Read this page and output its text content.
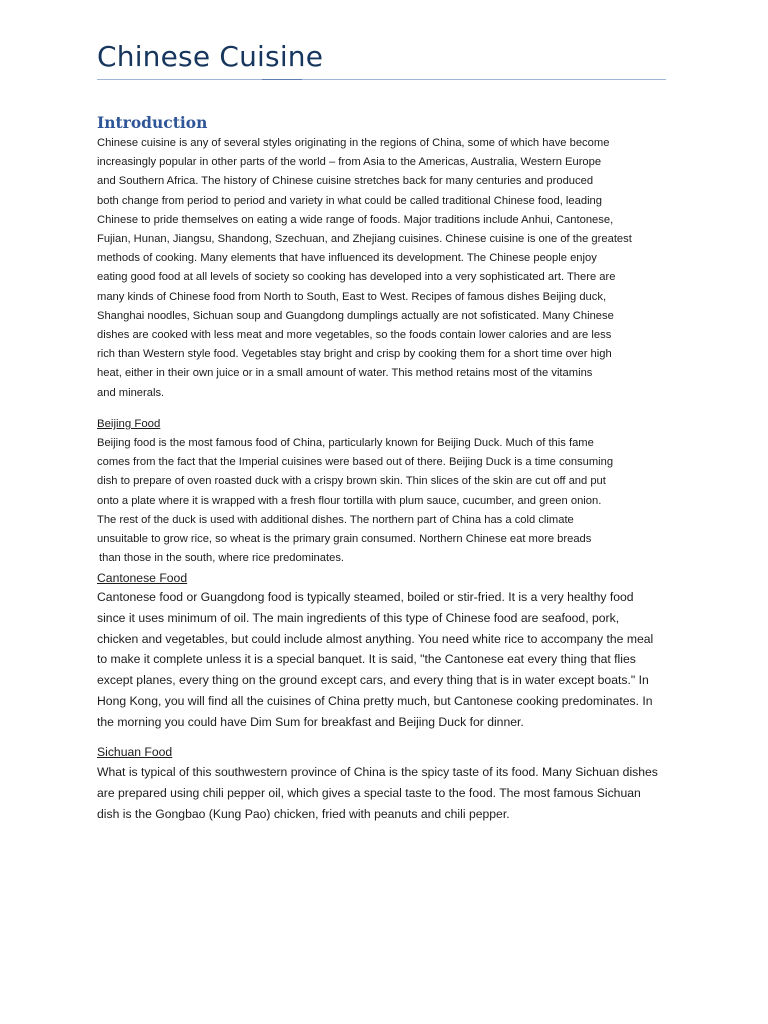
Chinese Cuisine
Introduction

Chinese cuisine is any of several styles originating in the regions of China, some of which have become
increasingly popular in other parts of the world – from Asia to the Americas, Australia, Western Europe
and Southern Africa. The history of Chinese cuisine stretches back for many centuries and produced
both change from period to period and variety in what could be called traditional Chinese food, leading
Chinese to pride themselves on eating a wide range of foods. Major traditions include Anhui, Cantonese,
Fujian, Hunan, Jiangsu, Shandong, Szechuan, and Zhejiang cuisines. Chinese cuisine is one of the greatest
methods of cooking. Many elements that have influenced its development. The Chinese people enjoy
eating good food at all levels of society so cooking has developed into a very sophisticated art. There are
many kinds of Chinese food from North to South, East to West. Recipes of famous dishes Beijing duck,
Shanghai noodles, Sichuan soup and Guangdong dumplings actually are not sofisticated. Many Chinese
dishes are cooked with less meat and more vegetables, so the foods contain lower calories and are less
rich than Western style food. Vegetables stay bright and crisp by cooking them for a short time over high
heat, either in their own juice or in a small amount of water. This method retains most of the vitamins
and minerals.

Beijing Food

Beijing food is the most famous food of China, particularly known for Beijing Duck. Much of this fame
comes from the fact that the Imperial cuisines were based out of there. Beijing Duck is a time consuming
dish to prepare of oven roasted duck with a crispy brown skin. Thin slices of the skin are cut off and put
onto a plate where it is wrapped with a fresh flour tortilla with plum sauce, cucumber, and green onion.
The rest of the duck is used with additional dishes. The northern part of China has a cold climate
unsuitable to grow rice, so wheat is the primary grain consumed. Northern Chinese eat more breads
than those in the south, where rice predominates.

Cantonese Food

Cantonese food or Guangdong food is typically steamed, boiled or stir-fried. It is a very healthy food
since it uses minimum of oil. The main ingredients of this type of Chinese food are seafood, pork,
chicken and vegetables, but could include almost anything. You need white rice to accompany the meal
to make it complete unless it is a special banquet. It is said, "the Cantonese eat every thing that flies
except planes, every thing on the ground except cars, and every thing that is in water except boats." In
Hong Kong, you will find all the cuisines of China pretty much, but Cantonese cooking predominates. In
the morning you could have Dim Sum for breakfast and Beijing Duck for dinner.

Sichuan Food

What is typical of this southwestern province of China is the spicy taste of its food. Many Sichuan dishes
are prepared using chili pepper oil, which gives a special taste to the food. The most famous Sichuan
dish is the Gongbao (Kung Pao) chicken, fried with peanuts and chili pepper.
